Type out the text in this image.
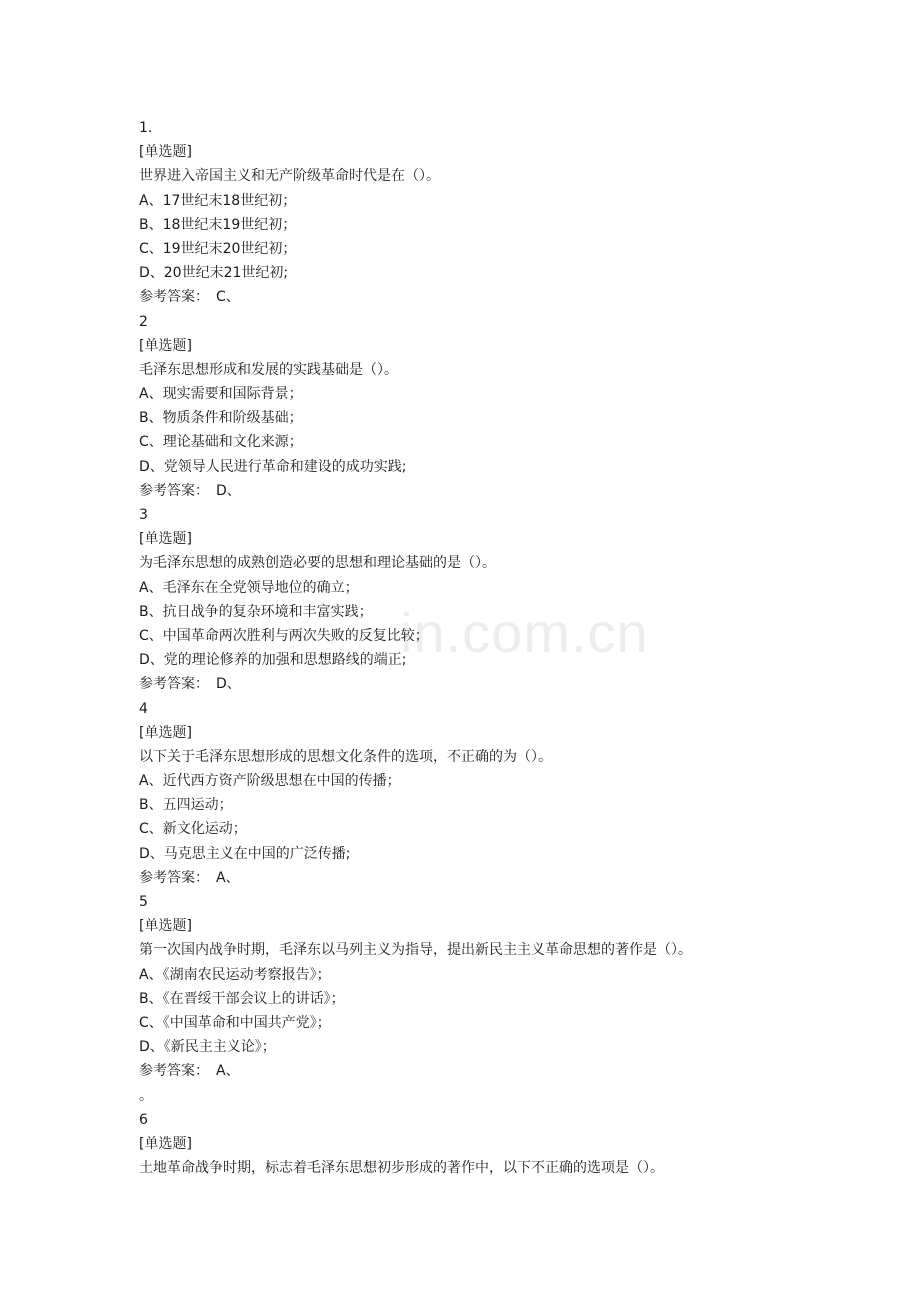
in.com.cn
1.
[单选题]
世界进入帝国主义和无产阶级革命时代是在（）。
A、17世纪末18世纪初；
B、18世纪末19世纪初；
C、19世纪末20世纪初；
D、20世纪末21世纪初;
参考答案：　C、
2
[单选题]
毛泽东思想形成和发展的实践基础是（）。
A、现实需要和国际背景；
B、物质条件和阶级基础；
C、理论基础和文化来源；
D、党领导人民进行革命和建设的成功实践;
参考答案：　D、
3
[单选题]
为毛泽东思想的成熟创造必要的思想和理论基础的是（）。
A、毛泽东在全党领导地位的确立；
B、抗日战争的复杂环境和丰富实践；
C、中国革命两次胜利与两次失败的反复比较；
D、党的理论修养的加强和思想路线的端正;
参考答案：　D、
4
[单选题]
以下关于毛泽东思想形成的思想文化条件的选项，不正确的为（）。
A、近代西方资产阶级思想在中国的传播；
B、五四运动；
C、新文化运动；
D、马克思主义在中国的广泛传播;
参考答案：　A、
5
[单选题]
第一次国内战争时期，毛泽东以马列主义为指导，提出新民主主义革命思想的著作是（）。
A、《湖南农民运动考察报告》；
B、《在晋绥干部会议上的讲话》；
C、《中国革命和中国共产党》；
D、《新民主主义论》；
参考答案：　A、
。
6
[单选题]
土地革命战争时期，标志着毛泽东思想初步形成的著作中，以下不正确的选项是（）。
